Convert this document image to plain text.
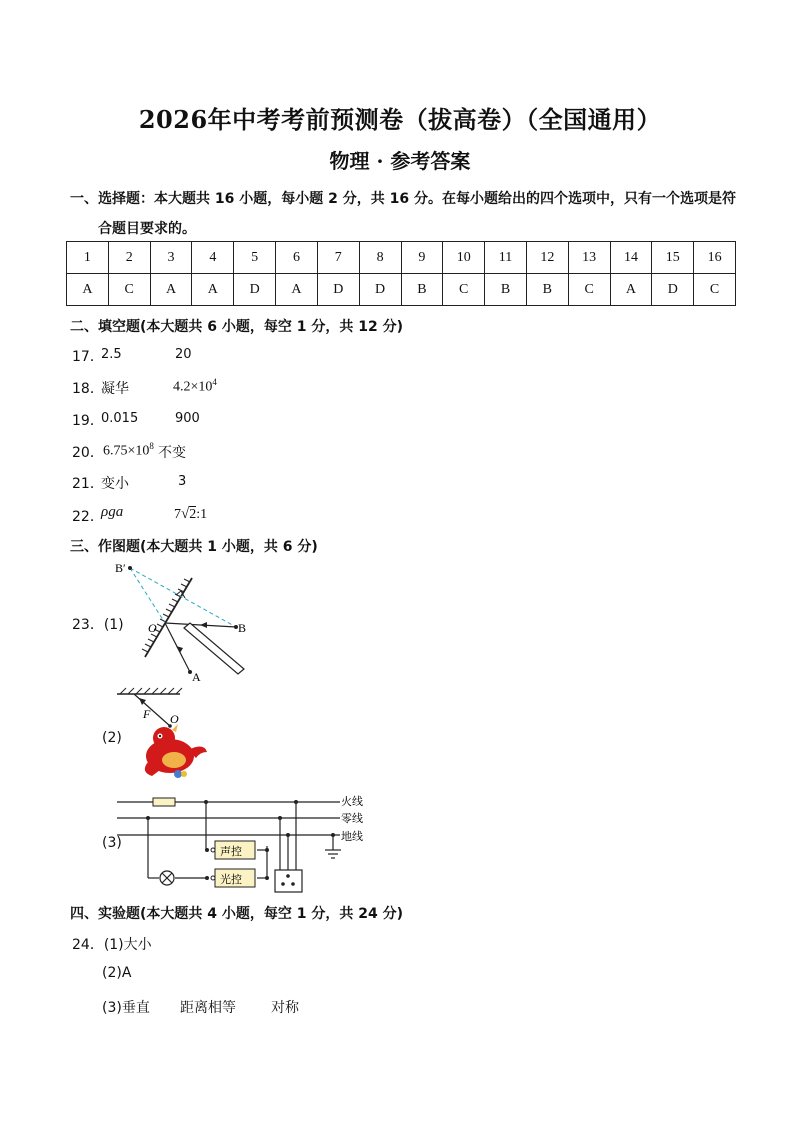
2026年中考考前预测卷（拔高卷）（全国通用）
物理 · 参考答案
一、选择题：本大题共 16 小题，每小题 2 分，共 16 分。在每小题给出的四个选项中，只有一个选项是符
合题目要求的。
1	2	3	4	5	6	7	8	9	10	11	12	13	14	15	16
A	C	A	A	D	A	D	D	B	C	B	B	C	A	D	C
二、填空题(本大题共 6 小题，每空 1 分，共 12 分)
17．
2.5	20
18．
凝华	$4.2\times 10^4$
19．
0.015	900
20． $6.75\times 10^8$ 不变
21．
变小	3
22．
ρga	7√2:1
三、作图题(本大题共 1 小题，共 6 分)
23．(1)
B′
O	B
A
(2)
F O
(3)
声控
光控
火线
零线
地线
四、实验题(本大题共 4 小题，每空 1 分，共 24 分)
24．(1)大小
(2)A
(3)垂直 距离相等	对称
